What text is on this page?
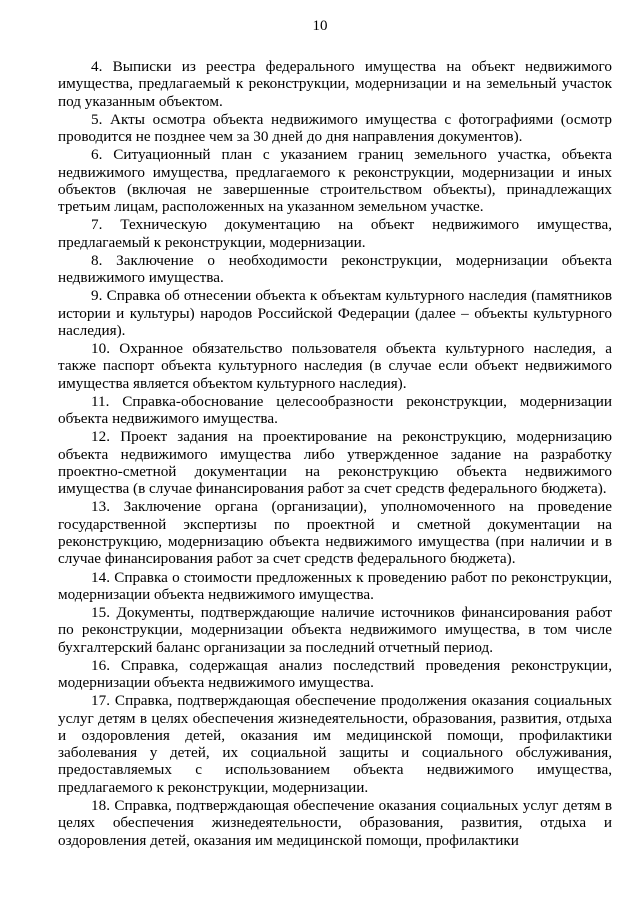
10

4. Выписки из реестра федерального имущества на объект недвижимого имущества, предлагаемый к реконструкции, модернизации и на земельный участок под указанным объектом.

5. Акты осмотра объекта недвижимого имущества с фотографиями (осмотр проводится не позднее чем за 30 дней до дня направления документов).

6. Ситуационный план с указанием границ земельного участка, объекта недвижимого имущества, предлагаемого к реконструкции, модернизации и иных объектов (включая не завершенные строительством объекты), принадлежащих третьим лицам, расположенных на указанном земельном участке.

7. Техническую документацию на объект недвижимого имущества, предлагаемый к реконструкции, модернизации.

8. Заключение о необходимости реконструкции, модернизации объекта недвижимого имущества.

9. Справка об отнесении объекта к объектам культурного наследия (памятников истории и культуры) народов Российской Федерации (далее – объекты культурного наследия).

10. Охранное обязательство пользователя объекта культурного наследия, а также паспорт объекта культурного наследия (в случае если объект недвижимого имущества является объектом культурного наследия).

11. Справка-обоснование целесообразности реконструкции, модернизации объекта недвижимого имущества.

12. Проект задания на проектирование на реконструкцию, модернизацию объекта недвижимого имущества либо утвержденное задание на разработку проектно-сметной документации на реконструкцию объекта недвижимого имущества (в случае финансирования работ за счет средств федерального бюджета).

13. Заключение органа (организации), уполномоченного на проведение государственной экспертизы по проектной и сметной документации на реконструкцию, модернизацию объекта недвижимого имущества (при наличии и в случае финансирования работ за счет средств федерального бюджета).

14. Справка о стоимости предложенных к проведению работ по реконструкции, модернизации объекта недвижимого имущества.

15. Документы, подтверждающие наличие источников финансирования работ по реконструкции, модернизации объекта недвижимого имущества, в том числе бухгалтерский баланс организации за последний отчетный период.

16. Справка, содержащая анализ последствий проведения реконструкции, модернизации объекта недвижимого имущества.

17. Справка, подтверждающая обеспечение продолжения оказания социальных услуг детям в целях обеспечения жизнедеятельности, образования, развития, отдыха и оздоровления детей, оказания им медицинской помощи, профилактики заболевания у детей, их социальной защиты и социального обслуживания, предоставляемых с использованием объекта недвижимого имущества, предлагаемого к реконструкции, модернизации.

18. Справка, подтверждающая обеспечение оказания социальных услуг детям в целях обеспечения жизнедеятельности, образования, развития, отдыха и оздоровления детей, оказания им медицинской помощи, профилактики
